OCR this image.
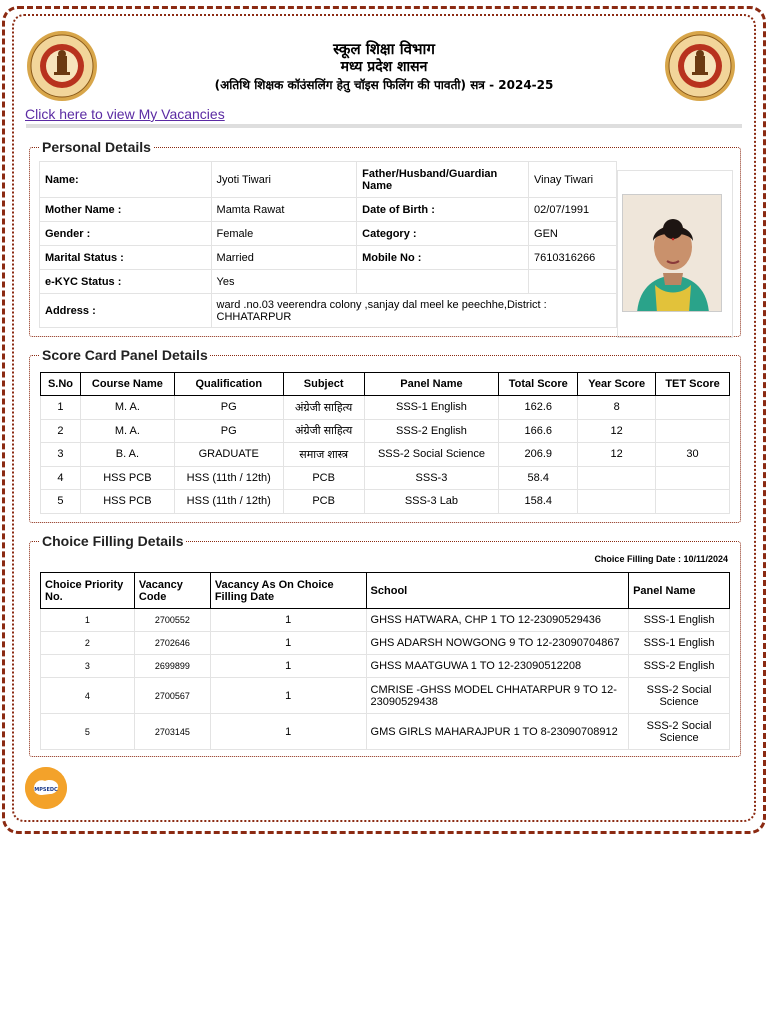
स्कूल शिक्षा विभाग
मध्य प्रदेश शासन
(अतिथि शिक्षक कॉउंसलिंग हेतु चॉइस फिलिंग की पावती) सत्र - 2024-25
Click here to view My Vacancies
Personal Details
Name:	Jyoti Tiwari	Father/Husband/Guardian Name	Vinay Tiwari
Mother Name :	Mamta Rawat	Date of Birth :	02/07/1991
Gender :	Female	Category :	GEN
Marital Status :	Married	Mobile No :	7610316266
e-KYC Status :	Yes		
Address :	ward .no.03 veerendra colony ,sanjay dal meel ke peechhe,District : CHHATARPUR		
Score Card Panel Details
S.No	Course Name	Qualification	Subject	Panel Name	Total Score	Year Score	TET Score
1	M. A.	PG	अंग्रेजी साहित्य	SSS-1 English	162.6	8	
2	M. A.	PG	अंग्रेजी साहित्य	SSS-2 English	166.6	12	
3	B. A.	GRADUATE	समाज शास्त्र	SSS-2 Social Science	206.9	12	30
4	HSS PCB	HSS (11th / 12th)	PCB	SSS-3	58.4		
5	HSS PCB	HSS (11th / 12th)	PCB	SSS-3 Lab	158.4		
Choice Filling Details
Choice Filling Date : 10/11/2024
Choice Priority No.	Vacancy Code	Vacancy As On Choice Filling Date	School	Panel Name
1	2700552	1	GHSS HATWARA, CHP 1 TO 12-23090529436	SSS-1 English
2	2702646	1	GHS ADARSH NOWGONG 9 TO 12-23090704867	SSS-1 English
3	2699899	1	GHSS MAATGUWA 1 TO 12-23090512208	SSS-2 English
4	2700567	1	CMRISE -GHSS MODEL CHHATARPUR 9 TO 12-23090529438	SSS-2 Social Science
5	2703145	1	GMS GIRLS MAHARAJPUR 1 TO 8-23090708912	SSS-2 Social Science
MPSEDC
